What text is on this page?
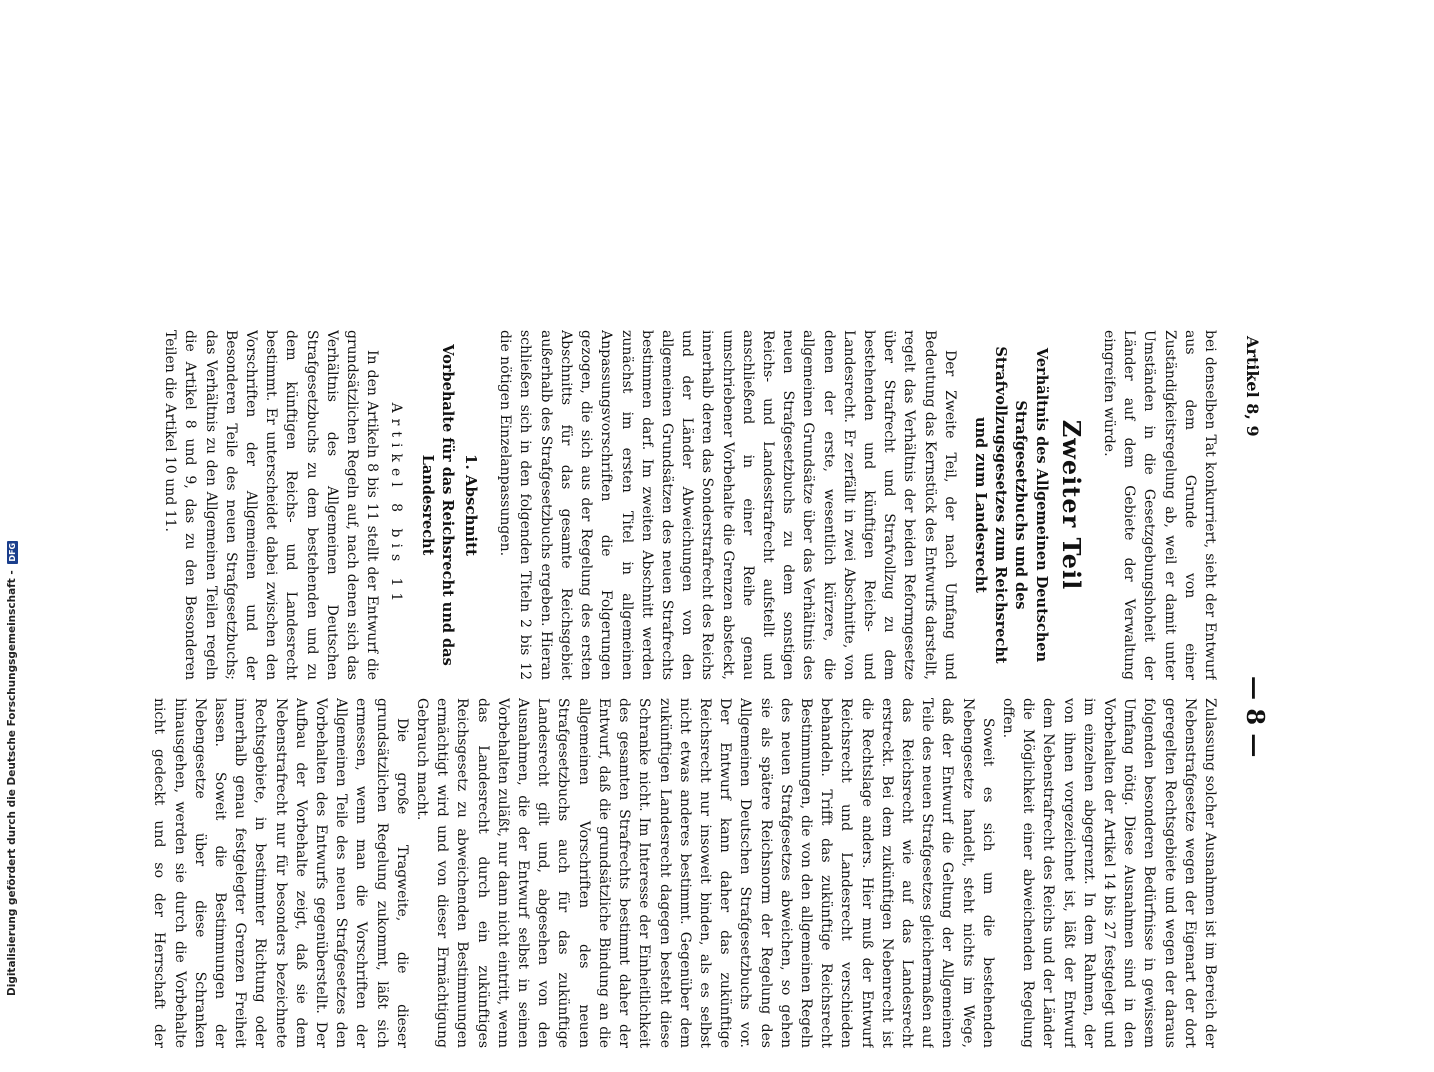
Artikel 8, 9
— 8 —

bei denselben Tat konkurriert, sieht der Entwurf aus dem Grunde von einer Zuständigkeitsregelung ab, weil er damit unter Umständen in die Gesetzgebungshoheit der Länder auf dem Gebiete der Verwaltung eingreifen würde.

Zweiter Teil
Verhältnis des Allgemeinen Deutschen Strafgesetzbuchs und des Strafvollzugsgesetzes zum Reichsrecht und zum Landesrecht

Der Zweite Teil, der nach Umfang und Bedeutung das Kernstück des Entwurfs darstellt, regelt das Verhältnis der beiden Reformgesetze über Strafrecht und Strafvollzug zu dem bestehenden und künftigen Reichs- und Landesrecht. Er zerfällt in zwei Abschnitte, von denen der erste, wesentlich kürzere, die allgemeinen Grundsätze über das Verhältnis des neuen Strafgesetzbuchs zu dem sonstigen Reichs- und Landesstrafrecht aufstellt und anschließend in einer Reihe genau umschriebener Vorbehalte die Grenzen absteckt, innerhalb deren das Sonderstrafrecht des Reichs und der Länder Abweichungen von den allgemeinen Grundsätzen des neuen Strafrechts bestimmen darf. Im zweiten Abschnitt werden zunächst im ersten Titel in allgemeinen Anpassungsvorschriften die Folgerungen gezogen, die sich aus der Regelung des ersten Abschnitts für das gesamte Reichsgebiet außerhalb des Strafgesetzbuchs ergeben. Hieran schließen sich in den folgenden Titeln 2 bis 12 die nötigen Einzelanpassungen.

1. Abschnitt
Vorbehalte für das Reichsrecht und das Landesrecht
Artikel 8 bis 11

In den Artikeln 8 bis 11 stellt der Entwurf die grundsätzlichen Regeln auf, nach denen sich das Verhältnis des Allgemeinen Deutschen Strafgesetzbuchs zu dem bestehenden und zu dem künftigen Reichs- und Landesrecht bestimmt. Er unterscheidet dabei zwischen den Vorschriften der Allgemeinen und der Besonderen Teile des neuen Strafgesetzbuchs; das Verhältnis zu den Allgemeinen Teilen regeln die Artikel 8 und 9, das zu den Besonderen Teilen die Artikel 10 und 11.

Zulassung solcher Ausnahmen ist im Bereich der Nebenstrafgesetze wegen der Eigenart der dort geregelten Rechtsgebiete und wegen der daraus folgenden besonderen Bedürfnisse in gewissem Umfang nötig. Diese Ausnahmen sind in den Vorbehalten der Artikel 14 bis 27 festgelegt und im einzelnen abgegrenzt. In dem Rahmen, der von ihnen vorgezeichnet ist, läßt der Entwurf dem Nebenstrafrecht des Reichs und der Länder die Möglichkeit einer abweichenden Regelung offen.

Soweit es sich um die bestehenden Nebengesetze handelt, steht nichts im Wege, daß der Entwurf die Geltung der Allgemeinen Teile des neuen Strafgesetzes gleichermaßen auf das Reichsrecht wie auf das Landesrecht erstreckt. Bei dem zukünftigen Nebenrecht ist die Rechtslage anders. Hier muß der Entwurf Reichsrecht und Landesrecht verschieden behandeln. Trifft das zukünftige Reichsrecht Bestimmungen, die von den allgemeinen Regeln des neuen Strafgesetzes abweichen, so gehen sie als spätere Reichsnorm der Regelung des Allgemeinen Deutschen Strafgesetzbuchs vor. Der Entwurf kann daher das zukünftige Reichsrecht nur insoweit binden, als es selbst nicht etwas anderes bestimmt. Gegenüber dem zukünftigen Landesrecht dagegen besteht diese Schranke nicht. Im Interesse der Einheitlichkeit des gesamten Strafrechts bestimmt daher der Entwurf, daß die grundsätzliche Bindung an die allgemeinen Vorschriften des neuen Strafgesetzbuchs auch für das zukünftige Landesrecht gilt und, abgesehen von den Ausnahmen, die der Entwurf selbst in seinen Vorbehalten zuläßt, nur dann nicht eintritt, wenn das Landesrecht durch ein zukünftiges Reichsgesetz zu abweichenden Bestimmungen ermächtigt wird und von dieser Ermächtigung Gebrauch macht.

Die große Tragweite, die dieser grundsätzlichen Regelung zukommt, läßt sich ermessen, wenn man die Vorschriften der Allgemeinen Teile des neuen Strafgesetzes den Vorbehalten des Entwurfs gegenüberstellt. Der Aufbau der Vorbehalte zeigt, daß sie dem Nebenstrafrecht nur für besonders bezeichnete Rechtsgebiete, in bestimmter Richtung oder innerhalb genau festgelegter Grenzen Freiheit lassen. Soweit die Bestimmungen der Nebengesetze über diese Schranken hinausgehen, werden sie durch die Vorbehalte nicht gedeckt und so der Herrschaft der

Digitalisierung gefördert durch die Deutsche Forschungsgemeinschaft - DFG
